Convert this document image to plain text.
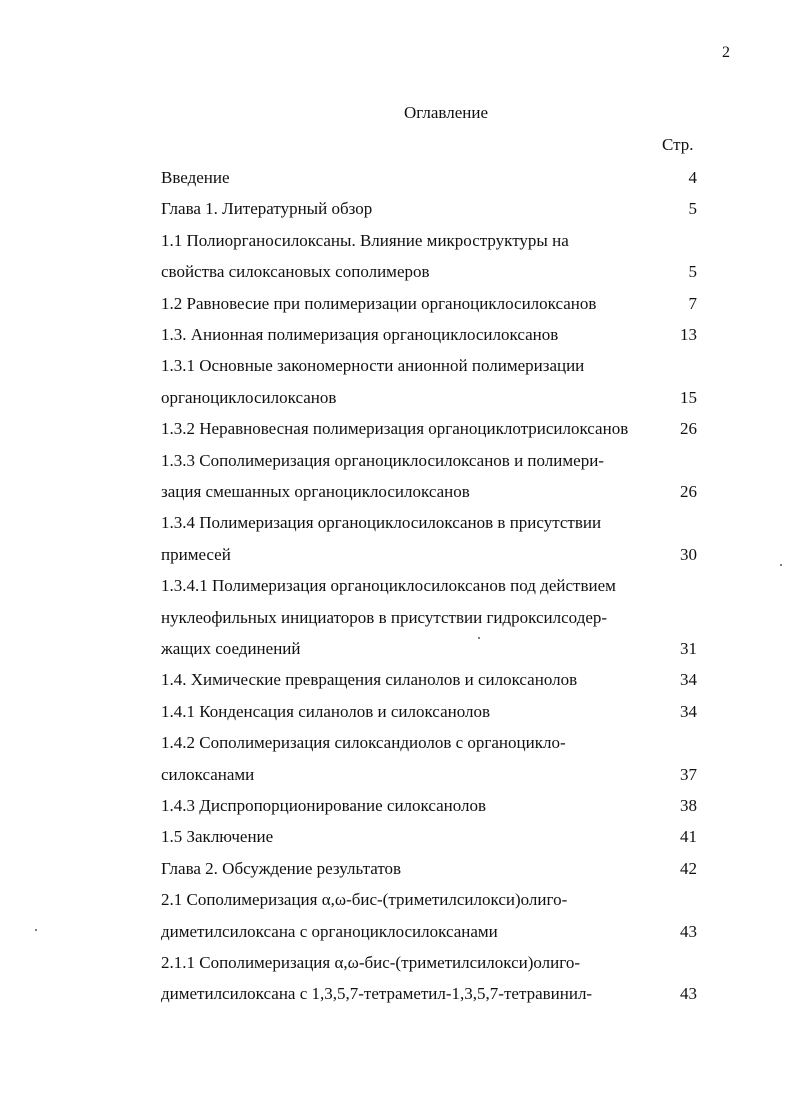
2
Оглавление
Стр.
Введение	4
Глава 1. Литературный обзор	5
1.1 Полиорганосилоксаны. Влияние микроструктуры на
свойства силоксановых сополимеров	5
1.2 Равновесие при полимеризации органоциклосилоксанов	7
1.3. Анионная полимеризация органоциклосилоксанов	13
1.3.1 Основные закономерности анионной полимеризации
органоциклосилоксанов	15
1.3.2 Неравновесная полимеризация органоциклотрисилоксанов	26
1.3.3 Сополимеризация органоциклосилоксанов и полимери-
зация смешанных органоциклосилоксанов	26
1.3.4 Полимеризация органоциклосилоксанов в присутствии
примесей	30
1.3.4.1 Полимеризация органоциклосилоксанов под действием
нуклеофильных инициаторов в присутствии гидроксилсодер-
жащих соединений	31
1.4. Химические превращения силанолов и силоксанолов	34
1.4.1 Конденсация силанолов и силоксанолов	34
1.4.2 Сополимеризация силоксандиолов с органоцикло-
силоксанами	37
1.4.3 Диспропорционирование силоксанолов	38
1.5 Заключение	41
Глава 2. Обсуждение результатов	42
2.1 Сополимеризация α,ω-бис-(триметилсилокси)олиго-
диметилсилоксана с органоциклосилоксанами	43
2.1.1 Сополимеризация α,ω-бис-(триметилсилокси)олиго-
диметилсилоксана с 1,3,5,7-тетраметил-1,3,5,7-тетравинил-	43
